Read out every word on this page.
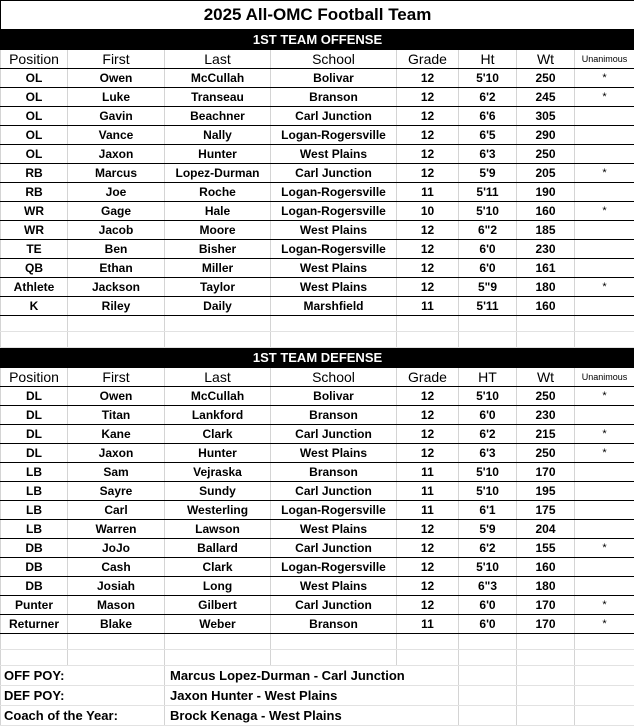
2025 All-OMC Football Team							
1ST TEAM OFFENSE							
Position	First	Last	School	Grade	Ht	Wt	Unanimous
OL	Owen	McCullah	Bolivar	12	5'10	250	*
OL	Luke	Transeau	Branson	12	6'2	245	*
OL	Gavin	Beachner	Carl Junction	12	6'6	305	
OL	Vance	Nally	Logan-Rogersville	12	6'5	290	
OL	Jaxon	Hunter	West Plains	12	6'3	250	
RB	Marcus	Lopez-Durman	Carl Junction	12	5'9	205	*
RB	Joe	Roche	Logan-Rogersville	11	5'11	190	
WR	Gage	Hale	Logan-Rogersville	10	5'10	160	*
WR	Jacob	Moore	West Plains	12	6"2	185	
TE	Ben	Bisher	Logan-Rogersville	12	6'0	230	
QB	Ethan	Miller	West Plains	12	6'0	161	
Athlete	Jackson	Taylor	West Plains	12	5"9	180	*
K	Riley	Daily	Marshfield	11	5'11	160	

1ST TEAM DEFENSE							
Position	First	Last	School	Grade	HT	Wt	Unanimous
DL	Owen	McCullah	Bolivar	12	5'10	250	*
DL	Titan	Lankford	Branson	12	6'0	230	
DL	Kane	Clark	Carl Junction	12	6'2	215	*
DL	Jaxon	Hunter	West Plains	12	6'3	250	*
LB	Sam	Vejraska	Branson	11	5'10	170	
LB	Sayre	Sundy	Carl Junction	11	5'10	195	
LB	Carl	Westerling	Logan-Rogersville	11	6'1	175	
LB	Warren	Lawson	West Plains	12	5'9	204	
DB	JoJo	Ballard	Carl Junction	12	6'2	155	*
DB	Cash	Clark	Logan-Rogersville	12	5'10	160	
DB	Josiah	Long	West Plains	12	6"3	180	
Punter	Mason	Gilbert	Carl Junction	12	6'0	170	*
Returner	Blake	Weber	Branson	11	6'0	170	*

OFF POY:		Marcus Lopez-Durman - Carl Junction					
DEF POY:		Jaxon Hunter - West Plains					
Coach of the Year:		Brock Kenaga - West Plains					
